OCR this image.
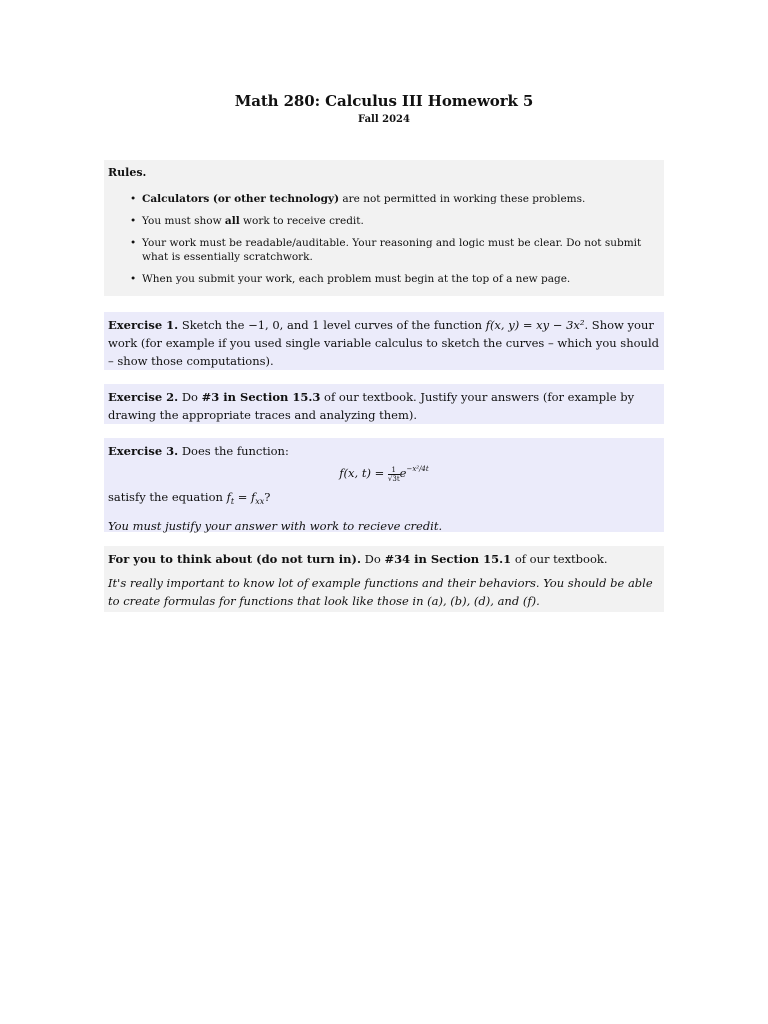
Math 280: Calculus III Homework 5
Fall 2024
Rules.
• Calculators (or other technology) are not permitted in working these problems.
• You must show all work to receive credit.
• Your work must be readable/auditable. Your reasoning and logic must be clear. Do not submit what is essentially scratchwork.
• When you submit your work, each problem must begin at the top of a new page.
Exercise 1. Sketch the −1, 0, and 1 level curves of the function f(x, y) = xy − 3x². Show your work (for example if you used single variable calculus to sketch the curves – which you should – show those computations).
Exercise 2. Do #3 in Section 15.3 of our textbook. Justify your answers (for example by drawing the appropriate traces and analyzing them).
Exercise 3. Does the function:
f(x, $t) = \frac{1}{√3t} e^{-x^2/4t}$
satisfy the equation $f_t = f_{xx}$?
You must justify your answer with work to recieve credit.
For you to think about (do not turn in). Do #34 in Section 15.1 of our textbook.
It's really important to know lot of example functions and their behaviors. You should be able to create formulas for functions that look like those in (a), (b), (d), and (f).
